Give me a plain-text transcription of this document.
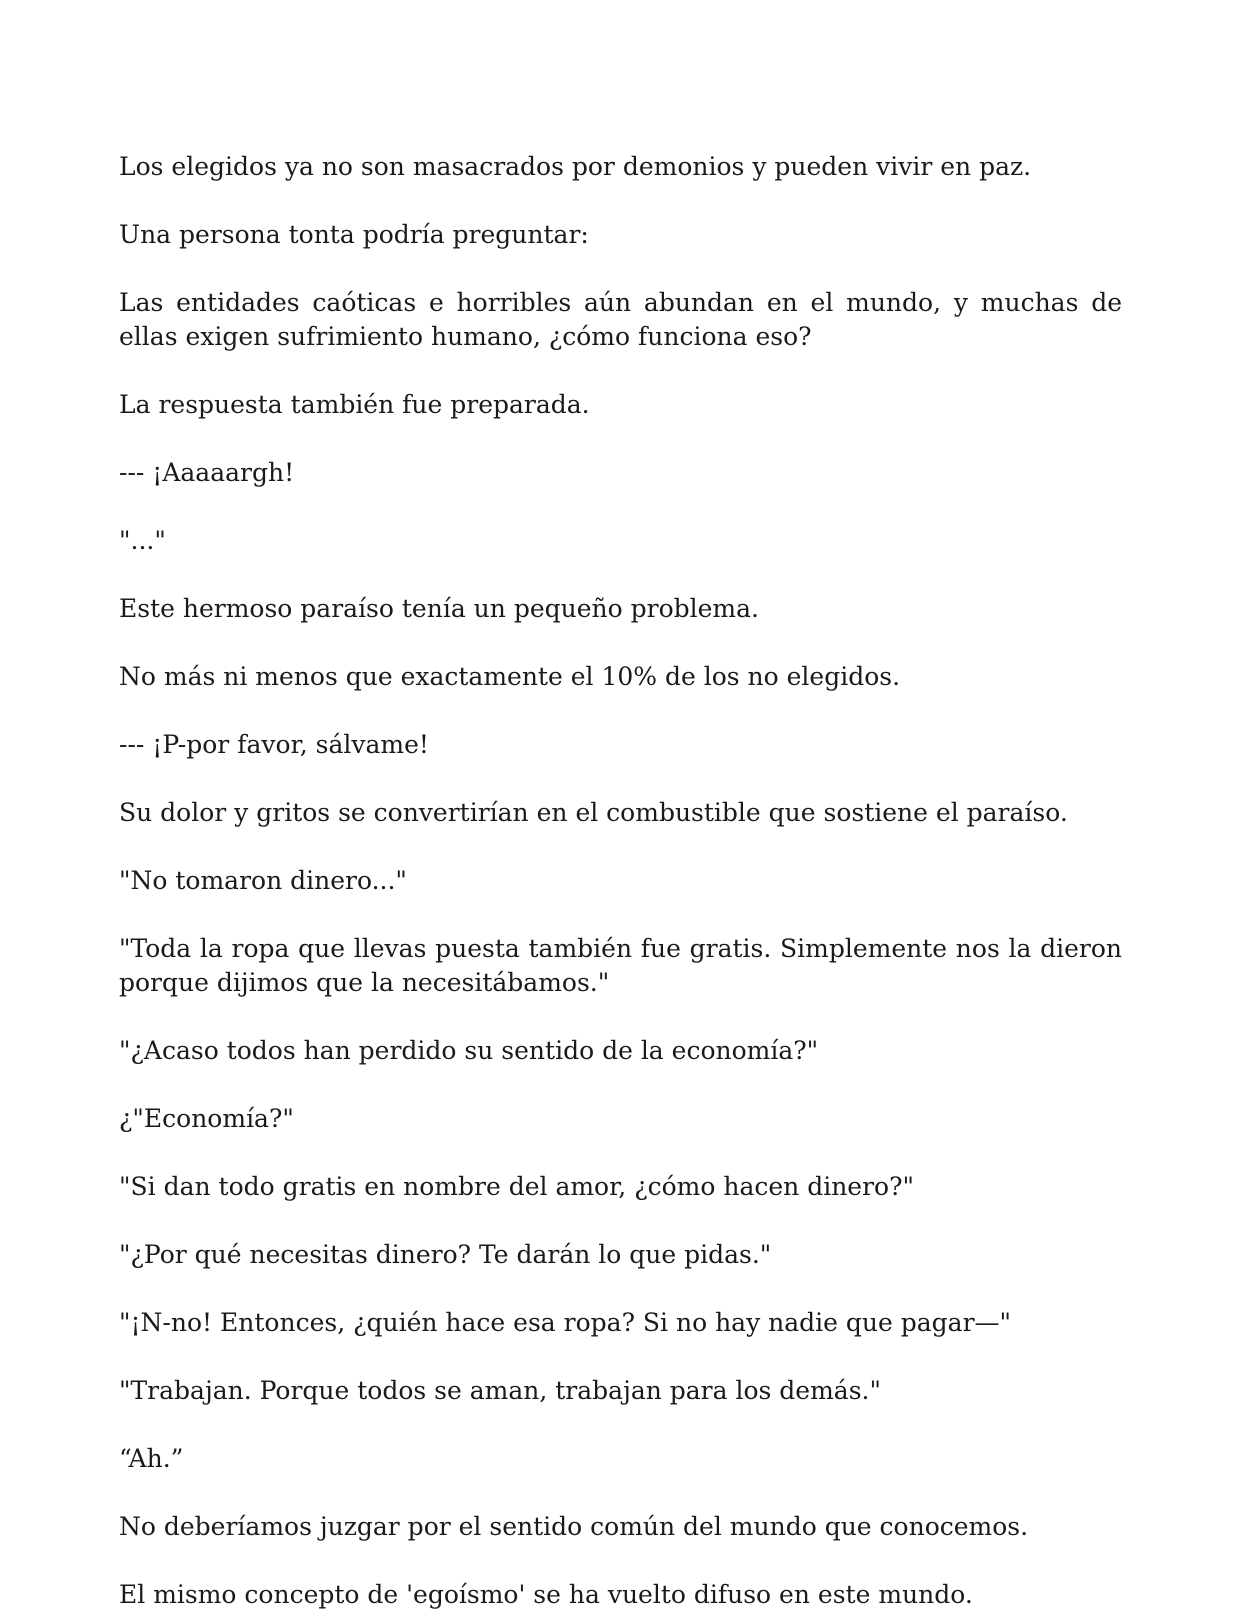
Los elegidos ya no son masacrados por demonios y pueden vivir en paz.

Una persona tonta podría preguntar:

Las entidades caóticas e horribles aún abundan en el mundo, y muchas de ellas exigen sufrimiento humano, ¿cómo funciona eso?

La respuesta también fue preparada.

--- ¡Aaaaargh!

"..."

Este hermoso paraíso tenía un pequeño problema.

No más ni menos que exactamente el 10% de los no elegidos.

--- ¡P-por favor, sálvame!

Su dolor y gritos se convertirían en el combustible que sostiene el paraíso.

"No tomaron dinero..."

"Toda la ropa que llevas puesta también fue gratis. Simplemente nos la dieron porque dijimos que la necesitábamos."

"¿Acaso todos han perdido su sentido de la economía?"

¿"Economía?"

"Si dan todo gratis en nombre del amor, ¿cómo hacen dinero?"

"¿Por qué necesitas dinero? Te darán lo que pidas."

"¡N-no! Entonces, ¿quién hace esa ropa? Si no hay nadie que pagar—"

"Trabajan. Porque todos se aman, trabajan para los demás."

“Ah.”

No deberíamos juzgar por el sentido común del mundo que conocemos.

El mismo concepto de 'egoísmo' se ha vuelto difuso en este mundo.
